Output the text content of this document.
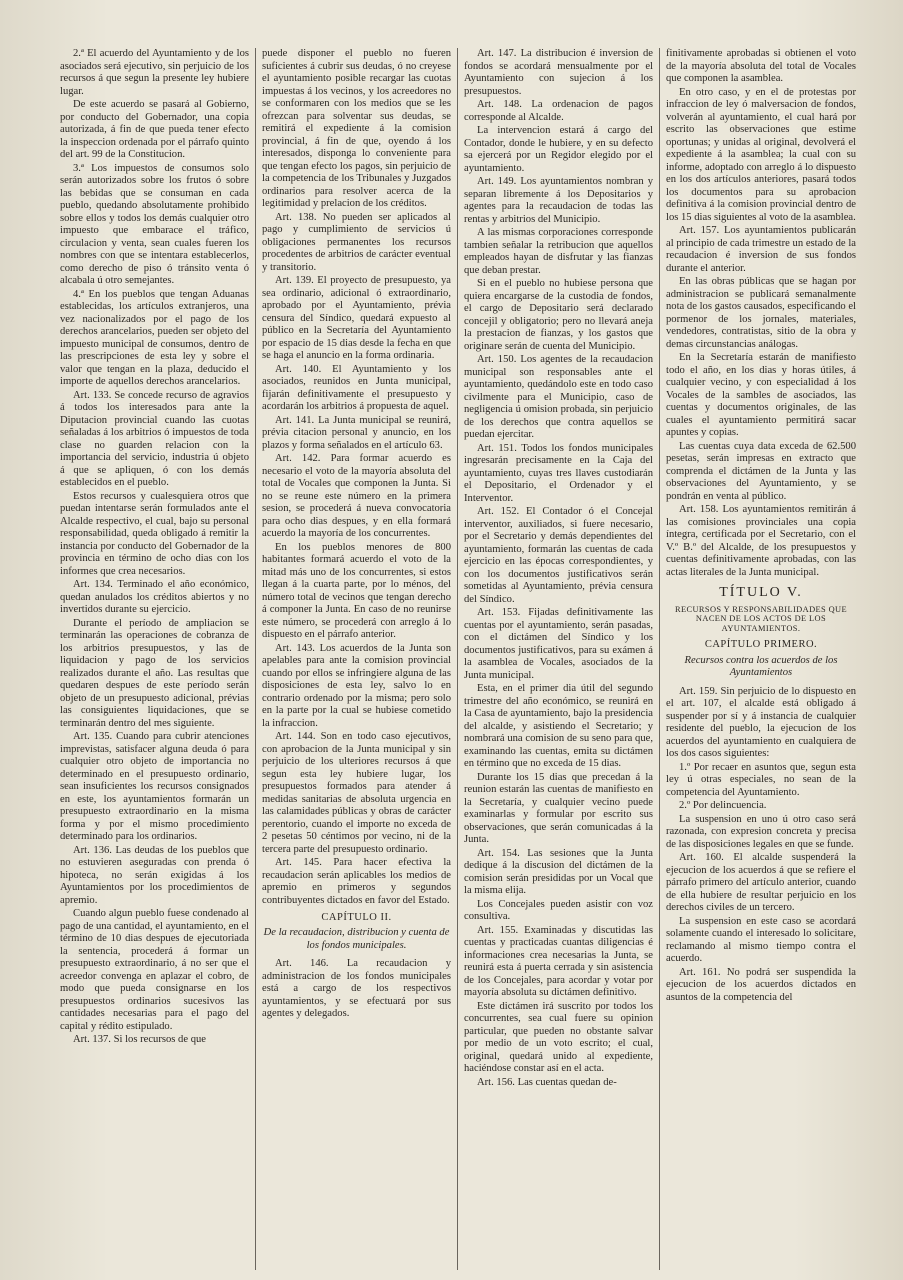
2.ª El acuerdo del Ayuntamiento y de los asociados será ejecutivo, sin perjuicio de los recursos á que segun la presente ley hubiere lugar.

De este acuerdo se pasará al Gobierno, por conducto del Gobernador, una copia autorizada, á fin de que pueda tener efecto la inspeccion ordenada por el párrafo quinto del art. 99 de la Constitucion.

3.ª Los impuestos de consumos solo serán autorizados sobre los frutos ó sobre las bebidas que se consuman en cada pueblo, quedando absolutamente prohibido sobre ellos y todos los demás cualquier otro impuesto que embarace el tráfico, circulacion y venta, sean cuales fueren los nombres con que se intentara establecerlos, como derecho de piso ó tránsito venta ó alcabala ú otro semejantes.

4.ª En los pueblos que tengan Aduanas establecidas, los artículos extranjeros, una vez nacionalizados por el pago de los derechos arancelarios, pueden ser objeto del impuesto municipal de consumos, dentro de las prescripciones de esta ley y sobre el valor que tengan en la plaza, deducido el importe de aquellos derechos arancelarios.

Art. 133. Se concede recurso de agravios á todos los interesados para ante la Diputacion provincial cuando las cuotas señaladas á los arbitrios ó impuestos de toda clase no guarden relacion con la importancia del servicio, industria ú objeto á que se apliquen, ó con los demás establecidos en el pueblo.

Estos recursos y cualesquiera otros que puedan intentarse serán formulados ante el Alcalde respectivo, el cual, bajo su personal responsabilidad, queda obligado á remitir la instancia por conducto del Gobernador de la provincia en término de ocho dias con los informes que crea necesarios.

Art. 134. Terminado el año económico, quedan anulados los créditos abiertos y no invertidos durante su ejercicio.

Durante el período de ampliacion se terminarán las operaciones de cobranza de los arbitrios presupuestos, y las de liquidacion y pago de los servicios realizados durante el año. Las resultas que quedaren despues de este período serán objeto de un presupuesto adicional, prévias las consiguientes liquidaciones, que se terminarán dentro del mes siguiente.

Art. 135. Cuando para cubrir atenciones imprevistas, satisfacer alguna deuda ó para cualquier otro objeto de importancia no determinado en el presupuesto ordinario, sean insuficientes los recursos consignados en este, los ayuntamientos formarán un presupuesto extraordinario en la misma forma y por el mismo procedimiento determinado para los ordinarios.

Art. 136. Las deudas de los pueblos que no estuvieren aseguradas con prenda ó hipoteca, no serán exigidas á los Ayuntamientos por los procedimientos de apremio.

Cuando algun pueblo fuese condenado al pago de una cantidad, el ayuntamiento, en el término de 10 dias despues de ejecutoriada la sentencia, procederá á formar un presupuesto extraordinario, á no ser que el acreedor convenga en aplazar el cobro, de modo que pueda consignarse en los presupuestos ordinarios sucesivos las cantidades necesarias para el pago del capital y rédito estipulado.

Art. 137. Si los recursos de que

puede disponer el pueblo no fueren suficientes á cubrir sus deudas, ó no creyese el ayuntamiento posible recargar las cuotas impuestas á los vecinos, y los acreedores no se conformaren con los medios que se les ofrezcan para solventar sus deudas, se remitirá el expediente á la comision provincial, á fin de que, oyendo á los interesados, disponga lo conveniente para que tengan efecto los pagos, sin perjuicio de la competencia de los Tribunales y Juzgados ordinarios para resolver acerca de la legitimidad y prelacion de los créditos.

Art. 138. No pueden ser aplicados al pago y cumplimiento de servicios ú obligaciones permanentes los recursos procedentes de arbitrios de carácter eventual y transitorio.

Art. 139. El proyecto de presupuesto, ya sea ordinario, adicional ó extraordinario, aprobado por el Ayuntamiento, prévia censura del Síndico, quedará expuesto al público en la Secretaría del Ayuntamiento por espacio de 15 dias desde la fecha en que se haga el anuncio en la forma ordinaria.

Art. 140. El Ayuntamiento y los asociados, reunidos en Junta municipal, fijarán definitivamente el presupuesto y acordarán los arbitrios á propuesta de aquel.

Art. 141. La Junta municipal se reunirá, prévia citacion personal y anuncio, en los plazos y forma señalados en el artículo 63.

Art. 142. Para formar acuerdo es necesario el voto de la mayoría absoluta del total de Vocales que componen la Junta. Si no se reune este número en la primera sesion, se procederá á nueva convocatoria para ocho dias despues, y en ella formará acuerdo la mayoría de los concurrentes.

En los pueblos menores de 800 habitantes formará acuerdo el voto de la mitad más uno de los concurrentes, si estos llegan á la cuarta parte, por lo ménos, del número total de vecinos que tengan derecho á componer la Junta. En caso de no reunirse este número, se procederá con arreglo á lo dispuesto en el párrafo anterior.

Art. 143. Los acuerdos de la Junta son apelables para ante la comision provincial cuando por ellos se infringiere alguna de las disposiciones de esta ley, salvo lo en contrario ordenado por la misma; pero solo en la parte por la cual se hubiese cometido la infraccion.

Art. 144. Son en todo caso ejecutivos, con aprobacion de la Junta municipal y sin perjuicio de los ulteriores recursos á que segun esta ley hubiere lugar, los presupuestos formados para atender á medidas sanitarias de absoluta urgencia en las calamidades públicas y obras de carácter perentorio, cuando el importe no exceda de 2 pesetas 50 céntimos por vecino, ni de la tercera parte del presupuesto ordinario.

Art. 145. Para hacer efectiva la recaudacion serán aplicables los medios de apremio en primeros y segundos contribuyentes dictados en favor del Estado.

CAPÍTULO II.

De la recaudacion, distribucion y cuenta de los fondos municipales.

Art. 146. La recaudacion y administracion de los fondos municipales está a cargo de los respectivos ayuntamientos, y se efectuará por sus agentes y delegados.

Art. 147. La distribucion é inversion de fondos se acordará mensualmente por el Ayuntamiento con sujecion á los presupuestos.

Art. 148. La ordenacion de pagos corresponde al Alcalde.

La intervencion estará á cargo del Contador, donde le hubiere, y en su defecto sa ejercerá por un Regidor elegido por el ayuntamiento.

Art. 149. Los ayuntamientos nombran y separan libremente á los Depositarios y agentes para la recaudacion de todas las rentas y arbitrios del Municipio.

A las mismas corporaciones corresponde tambien señalar la retribucion que aquellos empleados hayan de disfrutar y las fianzas que deban prestar.

Si en el pueblo no hubiese persona que quiera encargarse de la custodia de fondos, el cargo de Depositario será declarado concejil y obligatorio; pero no llevará aneja la prestacion de fianzas, y los gastos que originare serán de cuenta del Municipio.

Art. 150. Los agentes de la recaudacion municipal son responsables ante el ayuntamiento, quedándolo este en todo caso civilmente para el Municipio, caso de negligencia ú omision probada, sin perjuicio de los derechos que contra aquellos se puedan ejercitar.

Art. 151. Todos los fondos municipales ingresarán precisamente en la Caja del ayuntamiento, cuyas tres llaves custodiarán el Depositario, el Ordenador y el Interventor.

Art. 152. El Contador ó el Concejal interventor, auxiliados, si fuere necesario, por el Secretario y demás dependientes del ayuntamiento, formarán las cuentas de cada ejercicio en las épocas correspondientes, y con los documentos justificativos serán sometidas al Ayuntamiento, prévia censura del Síndico.

Art. 153. Fijadas definitivamente las cuentas por el ayuntamiento, serán pasadas, con el dictámen del Síndico y los documentos justificativos, para su exámen á la asamblea de Vocales, asociados de la Junta municipal.

Esta, en el primer dia útil del segundo trimestre del año económico, se reunirá en la Casa de ayuntamiento, bajo la presidencia del alcalde, y asistiendo el Secretario; y nombrará una comision de su seno para que, examinando las cuentas, emita su dictámen en término que no exceda de 15 dias.

Durante los 15 dias que precedan á la reunion estarán las cuentas de manifiesto en la Secretaría, y cualquier vecino puede examinarlas y formular por escrito sus observaciones, que serán comunicadas á la Junta.

Art. 154. Las sesiones que la Junta dedique á la discusion del dictámen de la comision serán presididas por un Vocal que la misma elija.

Los Concejales pueden asistir con voz consultiva.

Art. 155. Examinadas y discutidas las cuentas y practicadas cuantas diligencias é informaciones crea necesarias la Junta, se reunirá esta á puerta cerrada y sin asistencia de los Concejales, para acordar y votar por mayoría absoluta su dictámen definitivo.

Este dictámen irá suscrito por todos los concurrentes, sea cual fuere su opinion particular, que pueden no obstante salvar por medio de un voto escrito; el cual, original, quedará unido al expediente, haciéndose constar así en el acta.

Art. 156. Las cuentas quedan de-

finitivamente aprobadas si obtienen el voto de la mayoría absoluta del total de Vocales que componen la asamblea.

En otro caso, y en el de protestas por infraccion de ley ó malversacion de fondos, volverán al ayuntamiento, el cual hará por escrito las observaciones que estime oportunas; y unidas al original, devolverá el expediente á la asamblea; la cual con su informe, adoptado con arreglo á lo dispuesto en los dos artículos anteriores, pasará todos los documentos para su aprobacion definitiva á la comision provincial dentro de los 15 dias siguientes al voto de la asamblea.

Art. 157. Los ayuntamientos publicarán al principio de cada trimestre un estado de la recaudacion é inversion de sus fondos durante el anterior.

En las obras públicas que se hagan por administracion se publicará semanalmente nota de los gastos causados, especificando el pormenor de los jornales, materiales, vendedores, contratistas, sitio de la obra y demas circunstancias análogas.

En la Secretaría estarán de manifiesto todo el año, en los dias y horas útiles, á cualquier vecino, y con especialidad á los Vocales de la sambles de asociados, las cuentas y documentos originales, de las cuales el ayuntamiento permitirá sacar apuntes y copias.

Las cuentas cuya data exceda de 62.500 pesetas, serán impresas en extracto que comprenda el dictámen de la Junta y las observaciones del Ayuntamiento, y se pondrán en venta al público.

Art. 158. Los ayuntamientos remitirán á las comisiones provinciales una copia íntegra, certificada por el Secretario, con el V.º B.º del Alcalde, de los presupuestos y cuentas definitivamente aprobadas, con las actas literales de la Junta municipal.

TÍTULO V.

RECURSOS Y RESPONSABILIDADES QUE NACEN DE LOS ACTOS DE LOS AYUNTAMIENTOS.

CAPÍTULO PRIMERO.

Recursos contra los acuerdos de los Ayuntamientos

Art. 159. Sin perjuicio de lo dispuesto en el art. 107, el alcalde está obligado á suspender por sí y á instancia de cualquier residente del pueblo, la ejecucion de los acuerdos del ayuntamiento en cualquiera de los dos casos siguientes:

1.º Por recaer en asuntos que, segun esta ley ú otras especiales, no sean de la competencia del Ayuntamiento.

2.º Por delincuencia.

La suspension en uno ú otro caso será razonada, con expresion concreta y precisa de las disposiciones legales en que se funde.

Art. 160. El alcalde suspenderá la ejecucion de los acuerdos á que se refiere el párrafo primero del artículo anterior, cuando de ella hubiere de resultar perjuicio en los derechos civiles de un tercero.

La suspension en este caso se acordará solamente cuando el interesado lo solicitare, reclamando al mismo tiempo contra el acuerdo.

Art. 161. No podrá ser suspendida la ejecucion de los acuerdos dictados en asuntos de la competencia del
